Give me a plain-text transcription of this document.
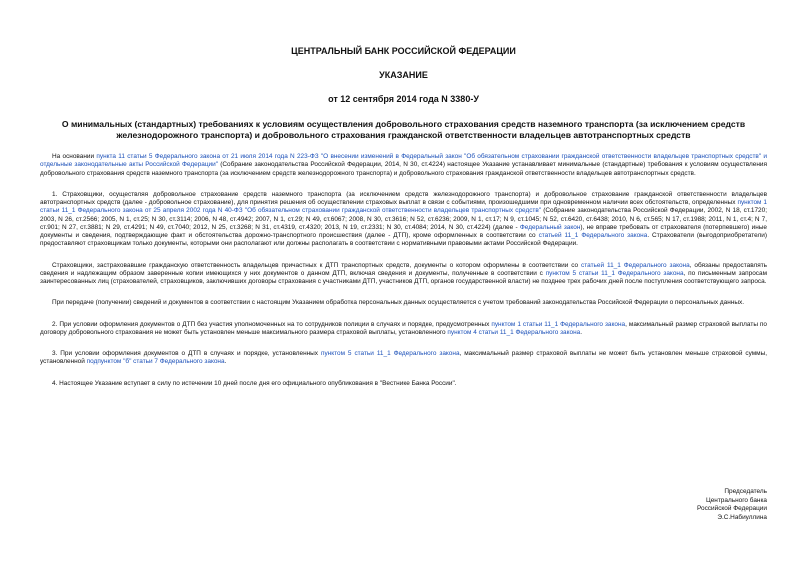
ЦЕНТРАЛЬНЫЙ БАНК РОССИЙСКОЙ ФЕДЕРАЦИИ
УКАЗАНИЕ
от 12 сентября 2014 года N 3380-У
О минимальных (стандартных) требованиях к условиям осуществления добровольного страхования средств наземного транспорта (за исключением средств железнодорожного транспорта) и добровольного страхования гражданской ответственности владельцев автотранспортных средств

На основании пункта 11 статьи 5 Федерального закона от 21 июля 2014 года N 223-ФЗ "О внесении изменений в Федеральный закон "Об обязательном страховании гражданской ответственности владельцев транспортных средств" и отдельные законодательные акты Российской Федерации" (Собрание законодательства Российской Федерации, 2014, N 30, ст.4224) настоящее Указание устанавливает минимальные (стандартные) требования к условиям осуществления добровольного страхования средств наземного транспорта (за исключением средств железнодорожного транспорта) и добровольного страхования гражданской ответственности владельцев автотранспортных средств.

1. Страховщики, осуществляя добровольное страхование средств наземного транспорта (за исключением средств железнодорожного транспорта) и добровольное страхование гражданской ответственности владельцев автотранспортных средств (далее - добровольное страхование), для принятия решения об осуществлении страховых выплат в связи с событиями, произошедшими при одновременном наличии всех обстоятельств, определенных пунктом 1 статьи 11_1 Федерального закона от 25 апреля 2002 года N 40-ФЗ "Об обязательном страховании гражданской ответственности владельцев транспортных средств" (Собрание законодательства Российской Федерации, 2002, N 18, ст.1720; 2003, N 26, ст.2566; 2005, N 1, ст.25; N 30, ст.3114; 2006, N 48, ст.4942; 2007, N 1, ст.29; N 49, ст.6067; 2008, N 30, ст.3616; N 52, ст.6236; 2009, N 1, ст.17; N 9, ст.1045; N 52, ст.6420, ст.6438; 2010, N 6, ст.565; N 17, ст.1988; 2011, N 1, ст.4; N 7, ст.901; N 27, ст.3881; N 29, ст.4291; N 49, ст.7040; 2012, N 25, ст.3268; N 31, ст.4319, ст.4320; 2013, N 19, ст.2331; N 30, ст.4084; 2014, N 30, ст.4224) (далее - Федеральный закон), не вправе требовать от страхователя (потерпевшего) иные документы и сведения, подтверждающие факт и обстоятельства дорожно-транспортного происшествия (далее - ДТП), кроме оформленных в соответствии со статьей 11_1 Федерального закона. Страхователи (выгодоприобретатели) предоставляют страховщикам только документы, которыми они располагают или должны располагать в соответствии с нормативными правовыми актами Российской Федерации.

Страховщики, застраховавшие гражданскую ответственность владельцев причастных к ДТП транспортных средств, документы о котором оформлены в соответствии со статьей 11_1 Федерального закона, обязаны предоставлять сведения и надлежащим образом заверенные копии имеющихся у них документов о данном ДТП, включая сведения и документы, полученные в соответствии с пунктом 5 статьи 11_1 Федерального закона, по письменным запросам заинтересованных лиц (страхователей, страховщиков, заключивших договоры страхования с участниками ДТП, участников ДТП, органов государственной власти) не позднее трех рабочих дней после поступления соответствующего запроса.

При передаче (получении) сведений и документов в соответствии с настоящим Указанием обработка персональных данных осуществляется с учетом требований законодательства Российской Федерации о персональных данных.

2. При условии оформления документов о ДТП без участия уполномоченных на то сотрудников полиции в случаях и порядке, предусмотренных пунктом 1 статьи 11_1 Федерального закона, максимальный размер страховой выплаты по договору добровольного страхования не может быть установлен меньше максимального размера страховой выплаты, установленного пунктом 4 статьи 11_1 Федерального закона.

3. При условии оформления документов о ДТП в случаях и порядке, установленных пунктом 5 статьи 11_1 Федерального закона, максимальный размер страховой выплаты не может быть установлен меньше страховой суммы, установленной подпунктом "б" статьи 7 Федерального закона.

4. Настоящее Указание вступает в силу по истечении 10 дней после дня его официального опубликования в "Вестнике Банка России".

Председатель
Центрального банка
Российской Федерации
Э.С.Набиуллина
